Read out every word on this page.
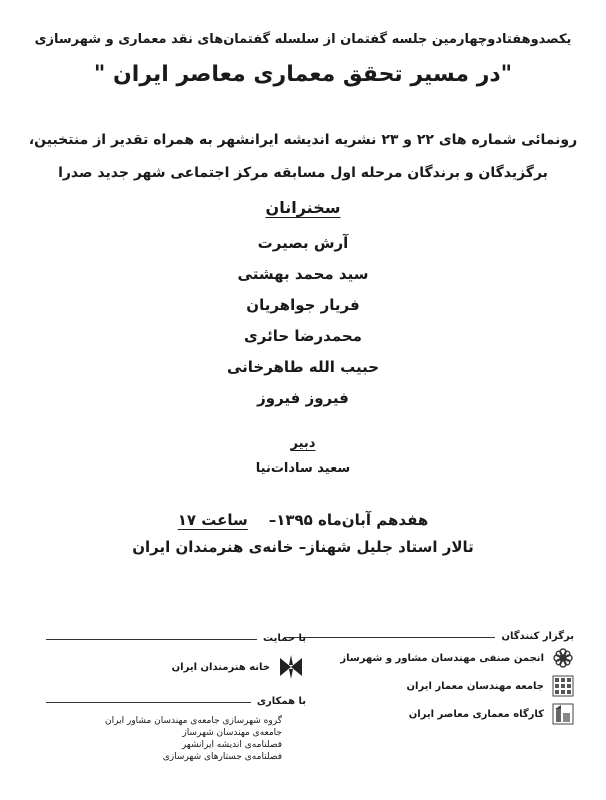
یکصدوهفتادوچهارمین جلسه گفتمان از سلسله گفتمان‌های نقد معماری و شهرسازی
"در مسیر تحقق معماری معاصر ایران "
رونمائی شماره های ۲۲ و ۲۳ نشریه اندیشه ایرانشهر به همراه تقدیر از منتخبین،
برگزیدگان و برندگان مرحله اول مسابقه مرکز اجتماعی شهر جدید صدرا
سخنرانان
آرش بصیرت
سید محمد بهشتی
فریار جواهریان
محمدرضا حائری
حبیب الله طاهرخانی
فیروز فیروز
دبیر
سعید سادات‌نیا
هفدهم آبان‌ماه ۱۳۹۵–    ساعت ۱۷
تالار استاد جلیل شهناز– خانه‌ی هنرمندان ایران
برگزار کنندگان
انجمن صنفی مهندسان مشاور و شهرساز
جامعه مهندسان معمار ایران
کارگاه معماری معاصر ایران
با حمایت
خانه هنرمندان ایران
با همکاری
گروه شهرسازی جامعه‌ی مهندسان مشاور ایران
جامعه‌ی مهندسان شهرساز
فصلنامه‌ی اندیشه ایرانشهر
فصلنامه‌ی جستارهای شهرسازی
